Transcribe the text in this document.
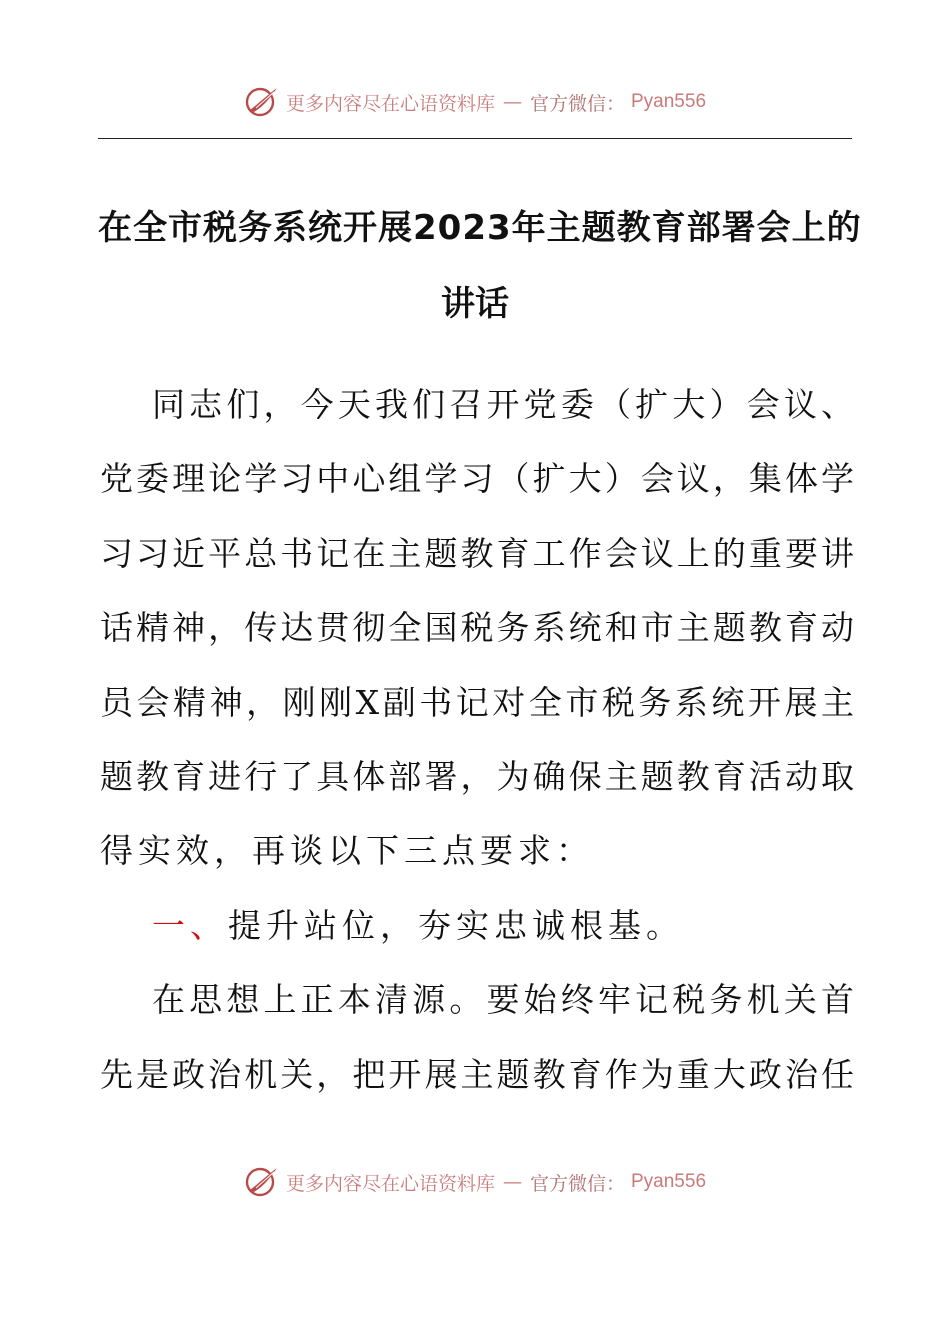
更多内容尽在心语资料库 — 官方微信： Pyan556
在全市税务系统开展2023年主题教育部署会上的
讲话
同志们，今天我们召开党委（扩大）会议、
党委理论学习中心组学习（扩大）会议，集体学
习习近平总书记在主题教育工作会议上的重要讲
话精神，传达贯彻全国税务系统和市主题教育动
员会精神，刚刚X副书记对全市税务系统开展主
题教育进行了具体部署，为确保主题教育活动取
得实效，再谈以下三点要求：
一、提升站位，夯实忠诚根基。
在思想上正本清源。要始终牢记税务机关首
先是政治机关，把开展主题教育作为重大政治任
更多内容尽在心语资料库 — 官方微信： Pyan556
